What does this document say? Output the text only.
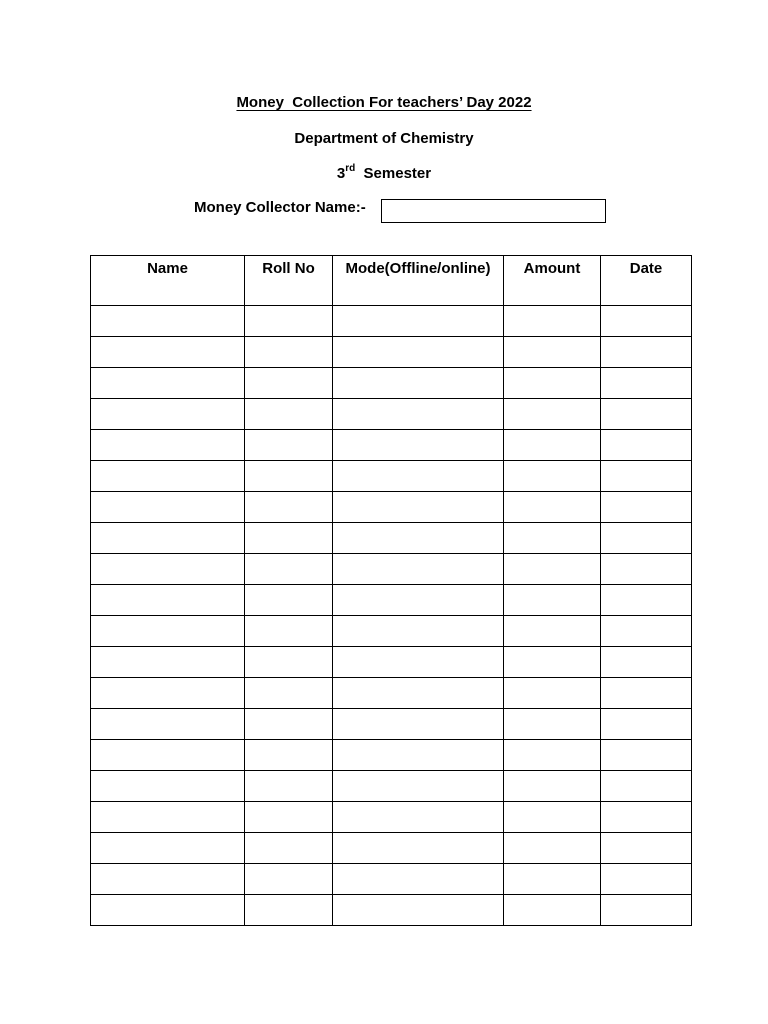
Money  Collection For teachers’ Day 2022
Department of Chemistry
3rd  Semester
Money Collector Name:-
Name	Roll No	Mode(Offline/online)	Amount	Date
